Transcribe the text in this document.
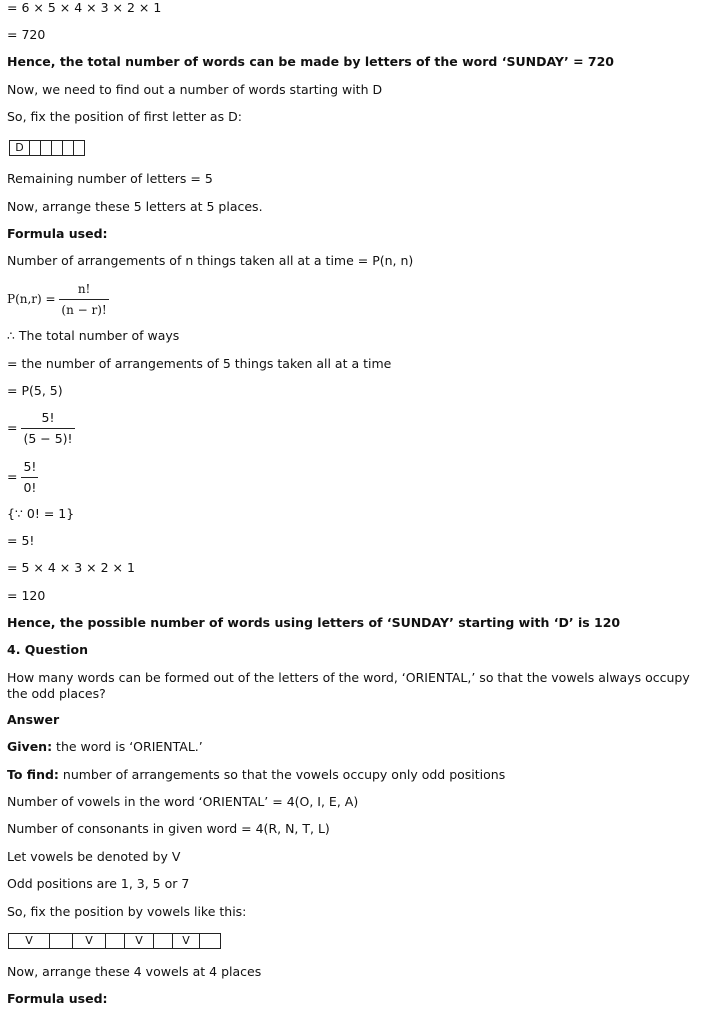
= 6 × 5 × 4 × 3 × 2 × 1
= 720
Hence, the total number of words can be made by letters of the word ‘SUNDAY’ = 720
Now, we need to find out a number of words starting with D
So, fix the position of first letter as D:
D
Remaining number of letters = 5
Now, arrange these 5 letters at 5 places.
Formula used:
Number of arrangements of n things taken all at a time = P(n, n)
$P(n,r) = \frac{n!}{(n - r)!}$
∴ The total number of ways
= the number of arrangements of 5 things taken all at a time
= P(5, 5)
= $\frac{5!}{(5 - 5)!}$
= $\frac{5!}{0!}$
{∵ 0! = 1}
= 5!
= 5 × 4 × 3 × 2 × 1
= 120
Hence, the possible number of words using letters of ‘SUNDAY’ starting with ‘D’ is 120
4. Question
How many words can be formed out of the letters of the word, ‘ORIENTAL,’ so that the vowels always occupy the odd places?
Answer
Given: the word is ‘ORIENTAL.’
To find: number of arrangements so that the vowels occupy only odd positions
Number of vowels in the word ‘ORIENTAL’ = 4(O, I, E, A)
Number of consonants in given word = 4(R, N, T, L)
Let vowels be denoted by V
Odd positions are 1, 3, 5 or 7
So, fix the position by vowels like this:
V	V	V	V
Now, arrange these 4 vowels at 4 places
Formula used:
